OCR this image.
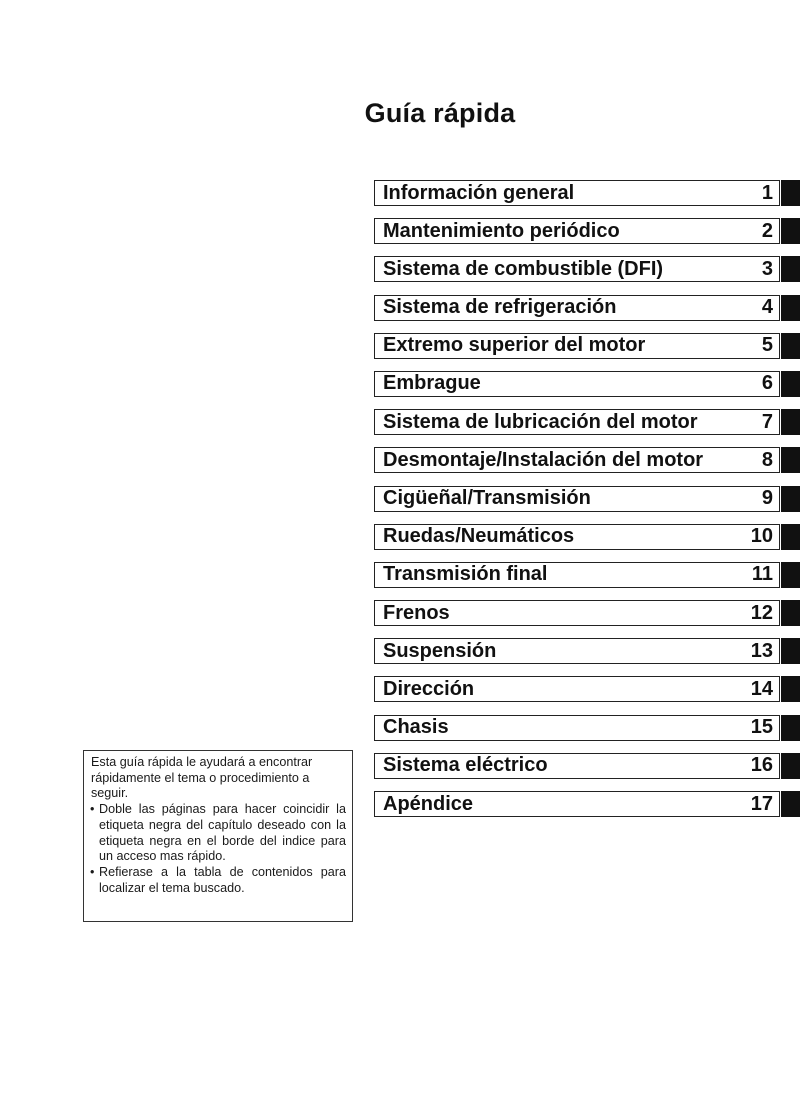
Guía rápida
Información general	1
Mantenimiento periódico	2
Sistema de combustible (DFI)	3
Sistema de refrigeración	4
Extremo superior del motor	5
Embrague	6
Sistema de lubricación del motor	7
Desmontaje/Instalación del motor	8
Cigüeñal/Transmisión	9
Ruedas/Neumáticos	10
Transmisión final	11
Frenos	12
Suspensión	13
Dirección	14
Chasis	15
Sistema eléctrico	16
Apéndice	17

Esta guía rápida le ayudará a encontrar rápidamente el tema o procedimiento a seguir.

• Doble las páginas para hacer coincidir la etiqueta negra del capítulo deseado con la etiqueta negra en el borde del indice para un acceso mas rápido.
• Refierase a la tabla de contenidos para localizar el tema buscado.
